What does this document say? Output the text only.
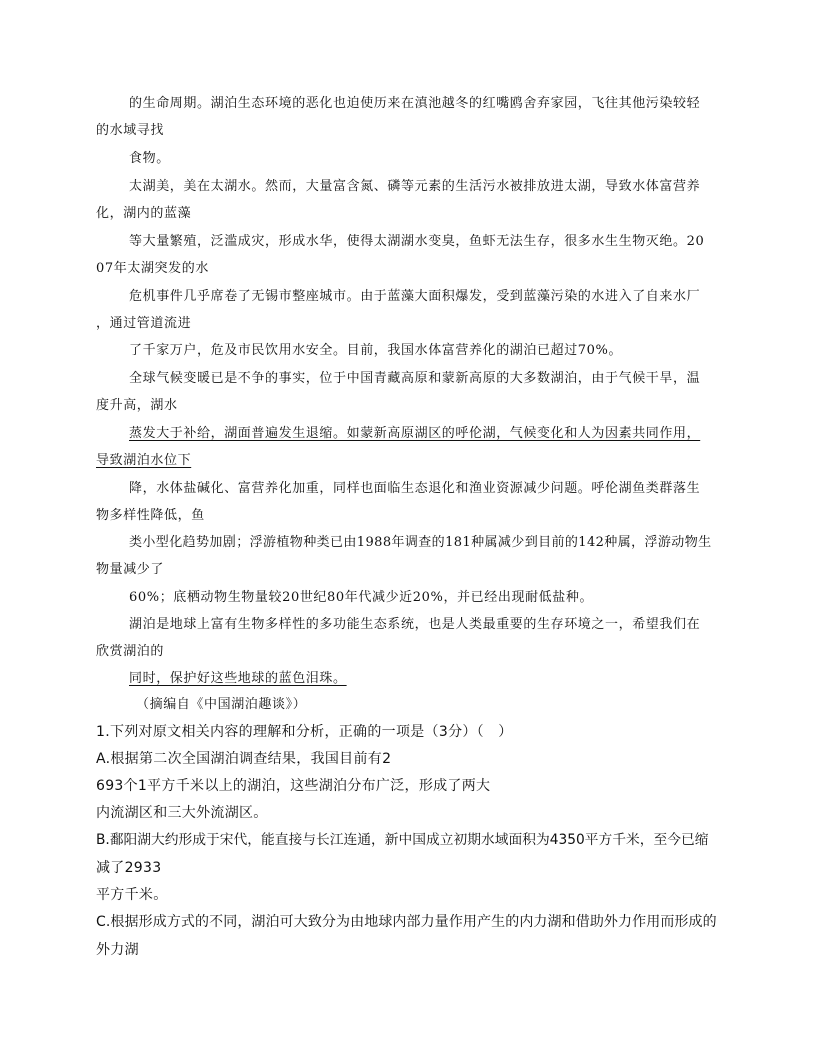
的生命周期。湖泊生态环境的恶化也迫使历来在滇池越冬的红嘴鸥舍弃家园，飞往其他污染较轻
的水域寻找
食物。
太湖美，美在太湖水。然而，大量富含氮、磷等元素的生活污水被排放进太湖，导致水体富营养
化，湖内的蓝藻
等大量繁殖，泛滥成灾，形成水华，使得太湖湖水变臭，鱼虾无法生存，很多水生生物灭绝。20
07年太湖突发的水
危机事件几乎席卷了无锡市整座城市。由于蓝藻大面积爆发，受到蓝藻污染的水进入了自来水厂
，通过管道流进
了千家万户，危及市民饮用水安全。目前，我国水体富营养化的湖泊已超过70%。
全球气候变暖已是不争的事实，位于中国青藏高原和蒙新高原的大多数湖泊，由于气候干旱，温
度升高，湖水
蒸发大于补给，湖面普遍发生退缩。如蒙新高原湖区的呼伦湖，气候变化和人为因素共同作用，
导致湖泊水位下
降，水体盐碱化、富营养化加重，同样也面临生态退化和渔业资源减少问题。呼伦湖鱼类群落生
物多样性降低，鱼
类小型化趋势加剧；浮游植物种类已由1988年调查的181种属减少到目前的142种属，浮游动物生
物量减少了
60%；底栖动物生物量较20世纪80年代减少近20%，并已经出现耐低盐种。
湖泊是地球上富有生物多样性的多功能生态系统，也是人类最重要的生存环境之一，希望我们在
欣赏湖泊的
同时，保护好这些地球的蓝色泪珠。
（摘编自《中国湖泊趣谈》）
1.下列对原文相关内容的理解和分析，正确的一项是（3分）（　）
A.根据第二次全国湖泊调查结果，我国目前有2
693个1平方千米以上的湖泊，这些湖泊分布广泛，形成了两大
内流湖区和三大外流湖区。
B.鄱阳湖大约形成于宋代，能直接与长江连通，新中国成立初期水域面积为4350平方千米，至今已缩
减了2933
平方千米。
C.根据形成方式的不同，湖泊可大致分为由地球内部力量作用产生的内力湖和借助外力作用而形成的
外力湖
